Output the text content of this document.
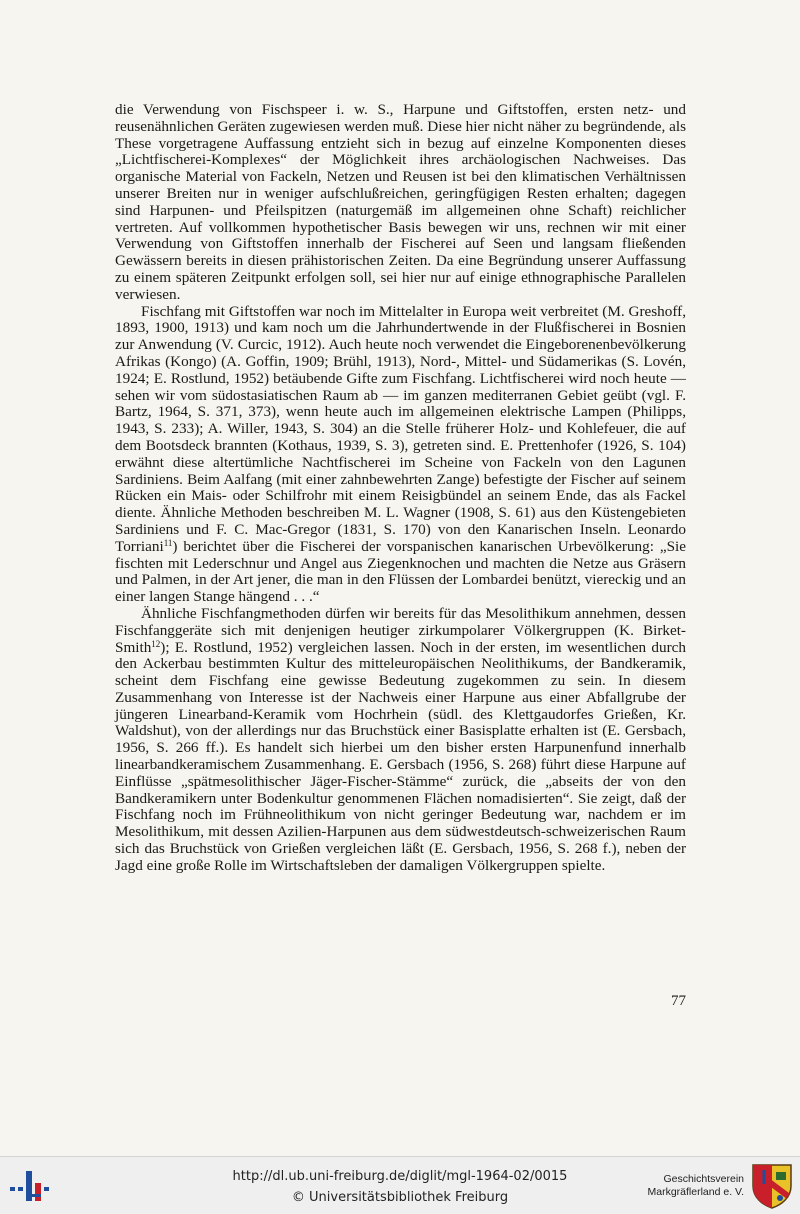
die Verwendung von Fischspeer i. w. S., Harpune und Giftstoffen, ersten netz- und reusenähnlichen Geräten zugewiesen werden muß. Diese hier nicht näher zu begründende, als These vorgetragene Auffassung entzieht sich in bezug auf einzelne Komponenten dieses „Lichtfischerei-Komplexes“ der Möglichkeit ihres archäologischen Nachweises. Das organische Material von Fackeln, Netzen und Reusen ist bei den klimatischen Verhältnissen unserer Breiten nur in weniger aufschlußreichen, geringfügigen Resten erhalten; dagegen sind Harpunen- und Pfeilspitzen (naturgemäß im allgemeinen ohne Schaft) reichlicher vertreten. Auf vollkommen hypothetischer Basis bewegen wir uns, rechnen wir mit einer Verwendung von Giftstoffen innerhalb der Fischerei auf Seen und langsam fließenden Gewässern bereits in diesen prähistorischen Zeiten. Da eine Begründung unserer Auffassung zu einem späteren Zeitpunkt erfolgen soll, sei hier nur auf einige ethnographische Parallelen verwiesen.

Fischfang mit Giftstoffen war noch im Mittelalter in Europa weit verbreitet (M. Greshoff, 1893, 1900, 1913) und kam noch um die Jahrhundertwende in der Flußfischerei in Bosnien zur Anwendung (V. Curcic, 1912). Auch heute noch verwendet die Eingeborenenbevölkerung Afrikas (Kongo) (A. Goffin, 1909; Brühl, 1913), Nord-, Mittel- und Südamerikas (S. Lovén, 1924; E. Rostlund, 1952) betäubende Gifte zum Fischfang. Lichtfischerei wird noch heute — sehen wir vom südostasiatischen Raum ab — im ganzen mediterranen Gebiet geübt (vgl. F. Bartz, 1964, S. 371, 373), wenn heute auch im allgemeinen elektrische Lampen (Philipps, 1943, S. 233); A. Willer, 1943, S. 304) an die Stelle früherer Holz- und Kohlefeuer, die auf dem Bootsdeck brannten (Kothaus, 1939, S. 3), getreten sind. E. Prettenhofer (1926, S. 104) erwähnt diese altertümliche Nachtfischerei im Scheine von Fackeln von den Lagunen Sardiniens. Beim Aalfang (mit einer zahnbewehrten Zange) befestigte der Fischer auf seinem Rücken ein Mais- oder Schilfrohr mit einem Reisigbündel an seinem Ende, das als Fackel diente. Ähnliche Methoden beschreiben M. L. Wagner (1908, S. 61) aus den Küstengebieten Sardiniens und F. C. Mac-Gregor (1831, S. 170) von den Kanarischen Inseln. Leonardo Torriani$^{11}$) berichtet über die Fischerei der vorspanischen kanarischen Urbevölkerung: „Sie fischten mit Lederschnur und Angel aus Ziegenknochen und machten die Netze aus Gräsern und Palmen, in der Art jener, die man in den Flüssen der Lombardei benützt, viereckig und an einer langen Stange hängend . . .“

Ähnliche Fischfangmethoden dürfen wir bereits für das Mesolithikum annehmen, dessen Fischfanggeräte sich mit denjenigen heutiger zirkumpolarer Völkergruppen (K. Birket-Smith$^{12}$); E. Rostlund, 1952) vergleichen lassen. Noch in der ersten, im wesentlichen durch den Ackerbau bestimmten Kultur des mitteleuropäischen Neolithikums, der Bandkeramik, scheint dem Fischfang eine gewisse Bedeutung zugekommen zu sein. In diesem Zusammenhang von Interesse ist der Nachweis einer Harpune aus einer Abfallgrube der jüngeren Linearband-Keramik vom Hochrhein (südl. des Klettgaudorfes Grießen, Kr. Waldshut), von der allerdings nur das Bruchstück einer Basisplatte erhalten ist (E. Gersbach, 1956, S. 266 ff.). Es handelt sich hierbei um den bisher ersten Harpunenfund innerhalb linearbandkeramischem Zusammenhang. E. Gersbach (1956, S. 268) führt diese Harpune auf Einflüsse „spätmesolithischer Jäger-Fischer-Stämme“ zurück, die „abseits der von den Bandkeramikern unter Bodenkultur genommenen Flächen nomadisierten“. Sie zeigt, daß der Fischfang noch im Frühneolithikum von nicht geringer Bedeutung war, nachdem er im Mesolithikum, mit dessen Azilien-Harpunen aus dem südwestdeutsch-schweizerischen Raum sich das Bruchstück von Grießen vergleichen läßt (E. Gersbach, 1956, S. 268 f.), neben der Jagd eine große Rolle im Wirtschaftsleben der damaligen Völkergruppen spielte.

77
http://dl.ub.uni-freiburg.de/diglit/mgl-1964-02/0015
© Universitätsbibliothek Freiburg
Geschichtsverein
Markgräflerland e. V.
